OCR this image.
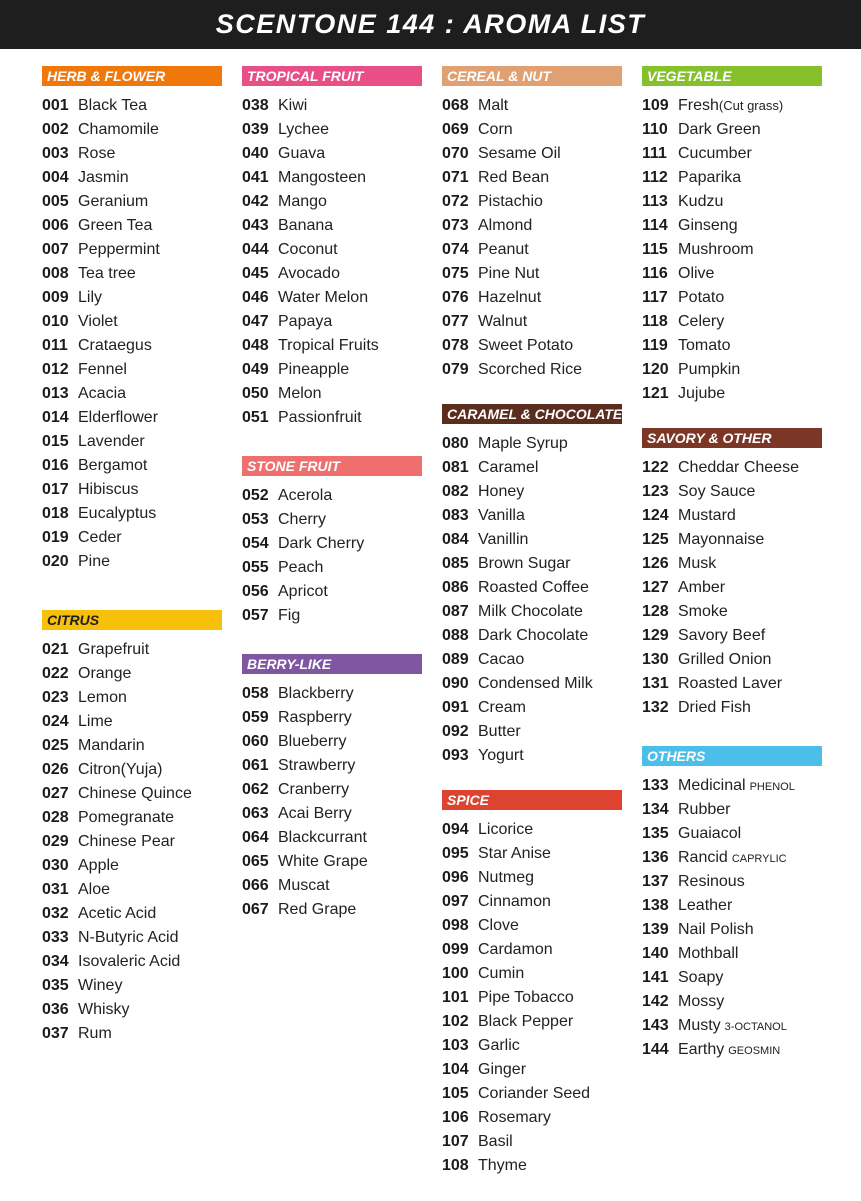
SCENTONE 144 : AROMA LIST
HERB & FLOWER
001 Black Tea
002 Chamomile
003 Rose
004 Jasmin
005 Geranium
006 Green Tea
007 Peppermint
008 Tea tree
009 Lily
010 Violet
011 Crataegus
012 Fennel
013 Acacia
014 Elderflower
015 Lavender
016 Bergamot
017 Hibiscus
018 Eucalyptus
019 Ceder
020 Pine
CITRUS
021 Grapefruit
022 Orange
023 Lemon
024 Lime
025 Mandarin
026 Citron(Yuja)
027 Chinese Quince
028 Pomegranate
029 Chinese Pear
030 Apple
031 Aloe
032 Acetic Acid
033 N-Butyric Acid
034 Isovaleric Acid
035 Winey
036 Whisky
037 Rum
TROPICAL FRUIT
038 Kiwi
039 Lychee
040 Guava
041 Mangosteen
042 Mango
043 Banana
044 Coconut
045 Avocado
046 Water Melon
047 Papaya
048 Tropical Fruits
049 Pineapple
050 Melon
051 Passionfruit
STONE FRUIT
052 Acerola
053 Cherry
054 Dark Cherry
055 Peach
056 Apricot
057 Fig
BERRY-LIKE
058 Blackberry
059 Raspberry
060 Blueberry
061 Strawberry
062 Cranberry
063 Acai Berry
064 Blackcurrant
065 White Grape
066 Muscat
067 Red Grape
CEREAL & NUT
068 Malt
069 Corn
070 Sesame Oil
071 Red Bean
072 Pistachio
073 Almond
074 Peanut
075 Pine Nut
076 Hazelnut
077 Walnut
078 Sweet Potato
079 Scorched Rice
CARAMEL & CHOCOLATE
080 Maple Syrup
081 Caramel
082 Honey
083 Vanilla
084 Vanillin
085 Brown Sugar
086 Roasted Coffee
087 Milk Chocolate
088 Dark Chocolate
089 Cacao
090 Condensed Milk
091 Cream
092 Butter
093 Yogurt
SPICE
094 Licorice
095 Star Anise
096 Nutmeg
097 Cinnamon
098 Clove
099 Cardamon
100 Cumin
101 Pipe Tobacco
102 Black Pepper
103 Garlic
104 Ginger
105 Coriander Seed
106 Rosemary
107 Basil
108 Thyme
VEGETABLE
109 Fresh (Cut grass)
110 Dark Green
111 Cucumber
112 Paparika
113 Kudzu
114 Ginseng
115 Mushroom
116 Olive
117 Potato
118 Celery
119 Tomato
120 Pumpkin
121 Jujube
SAVORY & OTHER
122 Cheddar Cheese
123 Soy Sauce
124 Mustard
125 Mayonnaise
126 Musk
127 Amber
128 Smoke
129 Savory Beef
130 Grilled Onion
131 Roasted Laver
132 Dried Fish
OTHERS
133 Medicinal PHENOL
134 Rubber
135 Guaiacol
136 Rancid CAPRYLIC
137 Resinous
138 Leather
139 Nail Polish
140 Mothball
141 Soapy
142 Mossy
143 Musty 3-OCTANOL
144 Earthy GEOSMIN
